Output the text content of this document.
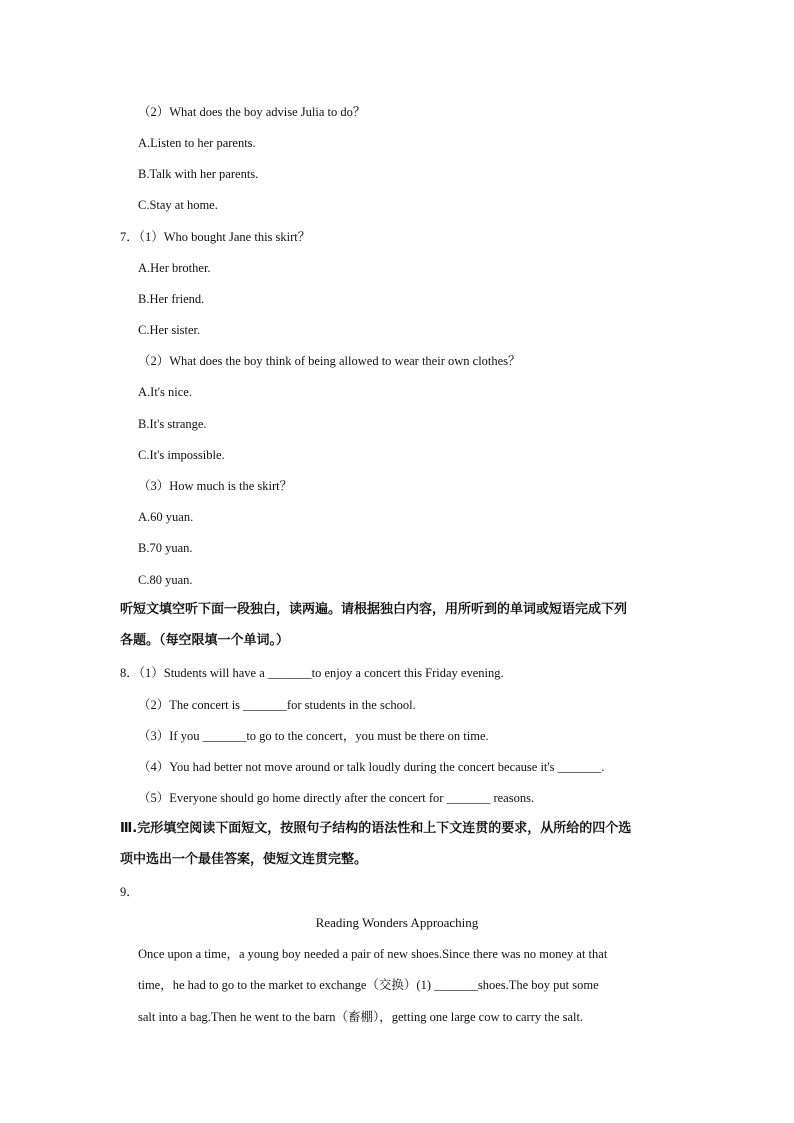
（2）What does the boy advise Julia to do？
A.Listen to her parents.
B.Talk with her parents.
C.Stay at home.
7．（1）Who bought Jane this skirt？
A.Her brother.
B.Her friend.
C.Her sister.
（2）What does the boy think of being allowed to wear their own clothes？
A.It's nice.
B.It's strange.
C.It's impossible.
（3）How much is the skirt？
A.60 yuan.
B.70 yuan.
C.80 yuan.
听短文填空听下面一段独白，读两遍。请根据独白内容，用所听到的单词或短语完成下列
各题。（每空限填一个单词。）
8．（1）Students will have a _______to enjoy a concert this Friday evening.
（2）The concert is _______for students in the school.
（3）If you _______to go to the concert，you must be there on time.
（4）You had better not move around or talk loudly during the concert because it's _______.
（5）Everyone should go home directly after the concert for _______ reasons.
Ⅲ.完形填空阅读下面短文，按照句子结构的语法性和上下文连贯的要求，从所给的四个选
项中选出一个最佳答案，使短文连贯完整。
9．
Reading Wonders Approaching
Once upon a time，a young boy needed a pair of new shoes.Since there was no money at that
time，he had to go to the market to exchange（交换）(1) _______shoes.The boy put some
salt into a bag.Then he went to the barn（畜棚），getting one large cow to carry the salt.
